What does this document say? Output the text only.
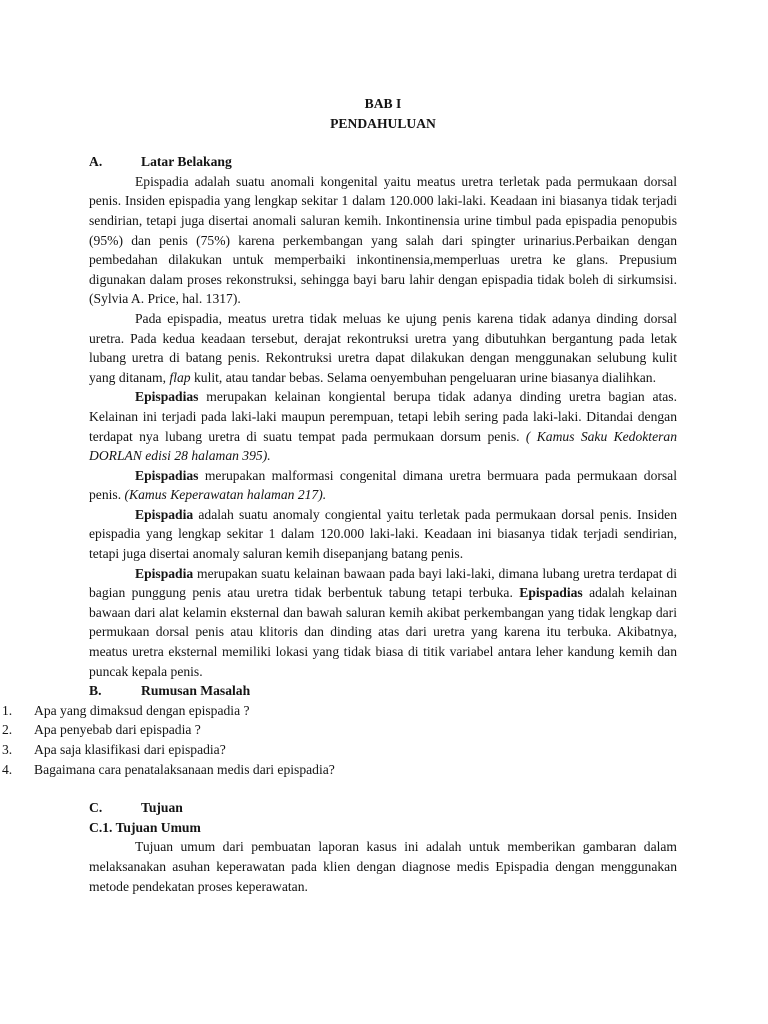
BAB I
PENDAHULUAN
A.	Latar Belakang

Epispadia adalah suatu anomali kongenital yaitu meatus uretra terletak pada permukaan dorsal penis. Insiden epispadia yang lengkap sekitar 1 dalam 120.000 laki-laki. Keadaan ini biasanya tidak terjadi sendirian, tetapi juga disertai anomali saluran kemih. Inkontinensia urine timbul pada epispadia penopubis (95%) dan penis (75%) karena perkembangan yang salah dari spingter urinarius.Perbaikan dengan pembedahan dilakukan untuk memperbaiki inkontinensia,memperluas uretra ke glans. Prepusium digunakan dalam proses rekonstruksi, sehingga bayi baru lahir dengan epispadia tidak boleh di sirkumsisi. (Sylvia A. Price, hal. 1317).

Pada epispadia, meatus uretra tidak meluas ke ujung penis karena tidak adanya dinding dorsal uretra. Pada kedua keadaan tersebut, derajat rekontruksi uretra yang dibutuhkan bergantung pada letak lubang uretra di batang penis. Rekontruksi uretra dapat dilakukan dengan menggunakan selubung kulit yang ditanam, flap kulit, atau tandar bebas. Selama oenyembuhan pengeluaran urine biasanya dialihkan.

Epispadias merupakan kelainan kongiental berupa tidak adanya dinding uretra bagian atas. Kelainan ini terjadi pada laki-laki maupun perempuan, tetapi lebih sering pada laki-laki. Ditandai dengan terdapat nya lubang uretra di suatu tempat pada permukaan dorsum penis. ( Kamus Saku Kedokteran DORLAN edisi 28 halaman 395).

Epispadias merupakan malformasi congenital dimana uretra bermuara pada permukaan dorsal penis. (Kamus Keperawatan halaman 217).

Epispadia adalah suatu anomaly congiental yaitu terletak pada permukaan dorsal penis. Insiden epispadia yang lengkap sekitar 1 dalam 120.000 laki-laki. Keadaan ini biasanya tidak terjadi sendirian, tetapi juga disertai anomaly saluran kemih disepanjang batang penis.

Epispadia merupakan suatu kelainan bawaan pada bayi laki-laki, dimana lubang uretra terdapat di bagian punggung penis atau uretra tidak berbentuk tabung tetapi terbuka. Epispadias adalah kelainan bawaan dari alat kelamin eksternal dan bawah saluran kemih akibat perkembangan yang tidak lengkap dari permukaan dorsal penis atau klitoris dan dinding atas dari uretra yang karena itu terbuka. Akibatnya, meatus uretra eksternal memiliki lokasi yang tidak biasa di titik variabel antara leher kandung kemih dan puncak kepala penis.

B.	Rumusan Masalah
1.	Apa yang dimaksud dengan epispadia ?
2.	Apa penyebab dari epispadia ?
3.	Apa saja klasifikasi dari epispadia?
4.	Bagaimana cara penatalaksanaan medis dari epispadia?
C.	Tujuan
C.1. Tujuan Umum

Tujuan umum dari pembuatan laporan kasus ini adalah untuk memberikan gambaran dalam melaksanakan asuhan keperawatan pada klien dengan diagnose medis Epispadia dengan menggunakan metode pendekatan proses keperawatan.
